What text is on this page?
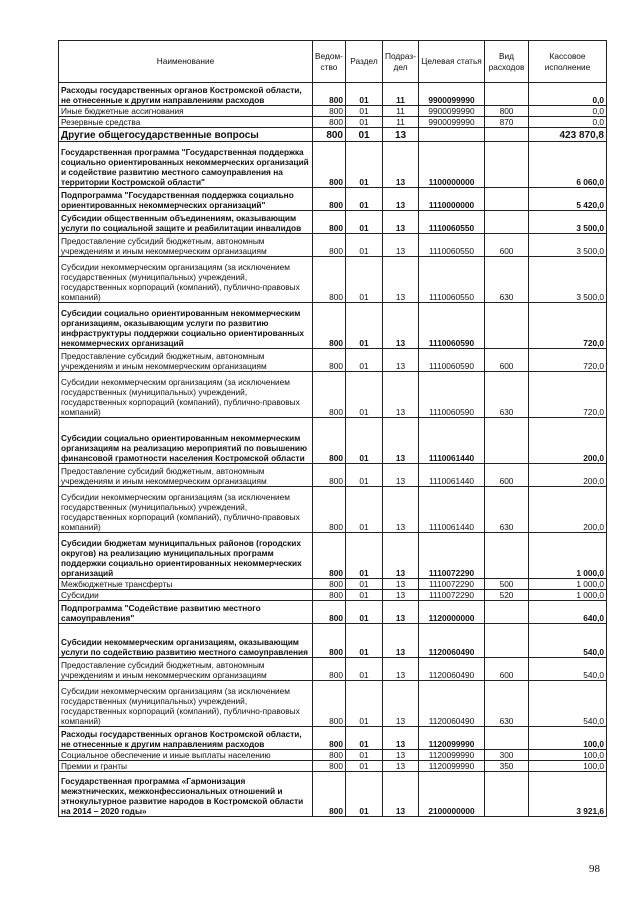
Наименование	Ведом-ство	Раздел	Подраз-дел	Целевая статья	Вид расходов	Кассовое исполнение
Расходы государственных органов Костромской области, не отнесенные к другим направлениям расходов	800	01	11	9900099990		0,0
Иные бюджетные ассигнования	800	01	11	9900099990	800	0,0
Резервные средства	800	01	11	9900099990	870	0,0
Другие общегосударственные вопросы	800	01	13			423 870,8
Государственная программа "Государственная поддержка социально ориентированных некоммерческих организаций и содействие развитию местного самоуправления на территории Костромской области"	800	01	13	1100000000		6 060,0
Подпрограмма "Государственная поддержка социально ориентированных некоммерческих организаций"	800	01	13	1110000000		5 420,0
Субсидии общественным объединениям, оказывающим услуги по социальной защите и реабилитации инвалидов	800	01	13	1110060550		3 500,0
Предоставление субсидий бюджетным, автономным учреждениям и иным некоммерческим организациям	800	01	13	1110060550	600	3 500,0
Субсидии некоммерческим организациям (за исключением государственных (муниципальных) учреждений, государственных корпораций (компаний), публично-правовых компаний)	800	01	13	1110060550	630	3 500,0
Субсидии социально ориентированным некоммерческим организациям, оказывающим услуги по развитию инфраструктуры поддержки социально ориентированных некоммерческих организаций	800	01	13	1110060590		720,0
Предоставление субсидий бюджетным, автономным учреждениям и иным некоммерческим организациям	800	01	13	1110060590	600	720,0
Субсидии некоммерческим организациям (за исключением государственных (муниципальных) учреждений, государственных корпораций (компаний), публично-правовых компаний)	800	01	13	1110060590	630	720,0
Субсидии социально ориентированным некоммерческим организациям на реализацию мероприятий по повышению финансовой грамотности населения Костромской области	800	01	13	1110061440		200,0
Предоставление субсидий бюджетным, автономным учреждениям и иным некоммерческим организациям	800	01	13	1110061440	600	200,0
Субсидии некоммерческим организациям (за исключением государственных (муниципальных) учреждений, государственных корпораций (компаний), публично-правовых компаний)	800	01	13	1110061440	630	200,0
Субсидии бюджетам муниципальных районов (городских округов) на реализацию муниципальных программ поддержки социально ориентированных некоммерческих организаций	800	01	13	1110072290		1 000,0
Межбюджетные трансферты	800	01	13	1110072290	500	1 000,0
Субсидии	800	01	13	1110072290	520	1 000,0
Подпрограмма "Содействие развитию местного самоуправления"	800	01	13	1120000000		640,0
Субсидии некоммерческим организациям, оказывающим услуги по содействию развитию местного самоуправления	800	01	13	1120060490		540,0
Предоставление субсидий бюджетным, автономным учреждениям и иным некоммерческим организациям	800	01	13	1120060490	600	540,0
Субсидии некоммерческим организациям (за исключением государственных (муниципальных) учреждений, государственных корпораций (компаний), публично-правовых компаний)	800	01	13	1120060490	630	540,0
Расходы государственных органов Костромской области, не отнесенные к другим направлениям расходов	800	01	13	1120099990		100,0
Социальное обеспечение и иные выплаты населению	800	01	13	1120099990	300	100,0
Премии и гранты	800	01	13	1120099990	350	100,0
Государственная программа «Гармонизация межэтнических, межконфессиональных отношений и этнокультурное развитие народов в Костромской области на 2014 – 2020 годы»	800	01	13	2100000000		3 921,6
98
